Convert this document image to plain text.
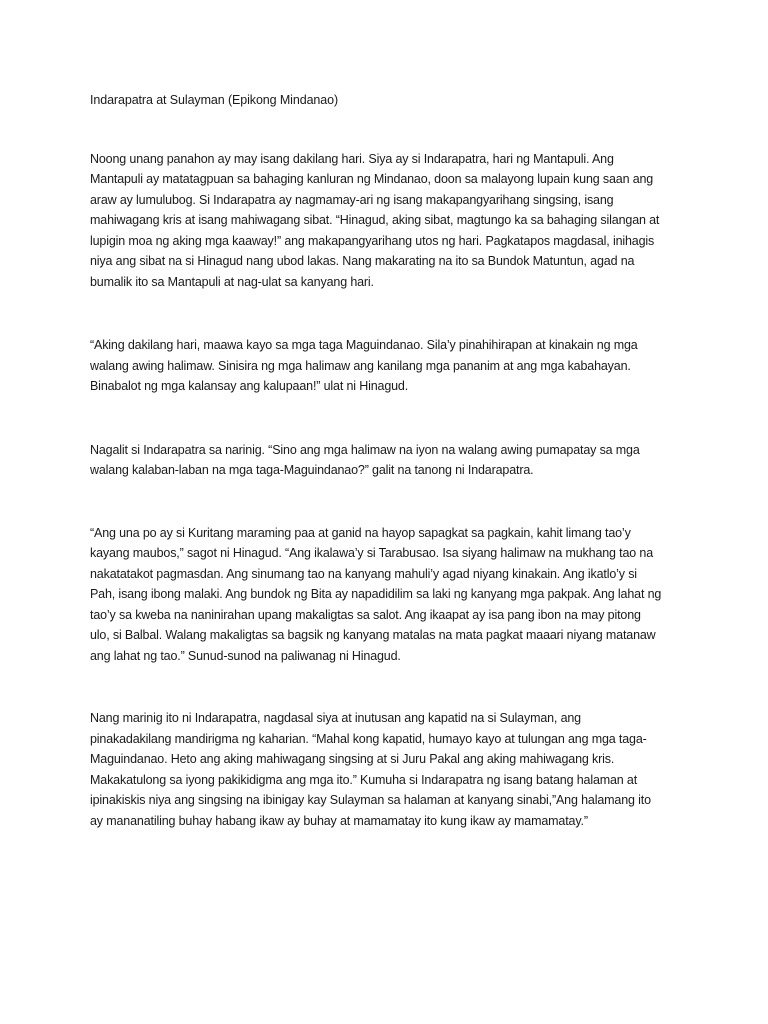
Indarapatra at Sulayman (Epikong Mindanao)

Noong unang panahon ay may isang dakilang hari. Siya ay si Indarapatra, hari ng Mantapuli. Ang
Mantapuli ay matatagpuan sa bahaging kanluran ng Mindanao, doon sa malayong lupain kung saan ang
araw ay lumulubog. Si Indarapatra ay nagmamay-ari ng isang makapangyarihang singsing, isang
mahiwagang kris at isang mahiwagang sibat. “Hinagud, aking sibat, magtungo ka sa bahaging silangan at
lupigin moa ng aking mga kaaway!” ang makapangyarihang utos ng hari. Pagkatapos magdasal, inihagis
niya ang sibat na si Hinagud nang ubod lakas. Nang makarating na ito sa Bundok Matuntun, agad na
bumalik ito sa Mantapuli at nag-ulat sa kanyang hari.

“Aking dakilang hari, maawa kayo sa mga taga Maguindanao. Sila’y pinahihirapan at kinakain ng mga
walang awing halimaw. Sinisira ng mga halimaw ang kanilang mga pananim at ang mga kabahayan.
Binabalot ng mga kalansay ang kalupaan!” ulat ni Hinagud.

Nagalit si Indarapatra sa narinig. “Sino ang mga halimaw na iyon na walang awing pumapatay sa mga
walang kalaban-laban na mga taga-Maguindanao?” galit na tanong ni Indarapatra.

“Ang una po ay si Kuritang maraming paa at ganid na hayop sapagkat sa pagkain, kahit limang tao’y
kayang maubos,” sagot ni Hinagud. “Ang ikalawa’y si Tarabusao. Isa siyang halimaw na mukhang tao na
nakatatakot pagmasdan. Ang sinumang tao na kanyang mahuli’y agad niyang kinakain. Ang ikatlo’y si
Pah, isang ibong malaki. Ang bundok ng Bita ay napadidilim sa laki ng kanyang mga pakpak. Ang lahat ng
tao’y sa kweba na naninirahan upang makaligtas sa salot. Ang ikaapat ay isa pang ibon na may pitong
ulo, si Balbal. Walang makaligtas sa bagsik ng kanyang matalas na mata pagkat maaari niyang matanaw
ang lahat ng tao.” Sunud-sunod na paliwanag ni Hinagud.

Nang marinig ito ni Indarapatra, nagdasal siya at inutusan ang kapatid na si Sulayman, ang
pinakadakilang mandirigma ng kaharian. “Mahal kong kapatid, humayo kayo at tulungan ang mga taga-
Maguindanao. Heto ang aking mahiwagang singsing at si Juru Pakal ang aking mahiwagang kris.
Makakatulong sa iyong pakikidigma ang mga ito.” Kumuha si Indarapatra ng isang batang halaman at
ipinakiskis niya ang singsing na ibinigay kay Sulayman sa halaman at kanyang sinabi,”Ang halamang ito
ay mananatiling buhay habang ikaw ay buhay at mamamatay ito kung ikaw ay mamamatay.”
